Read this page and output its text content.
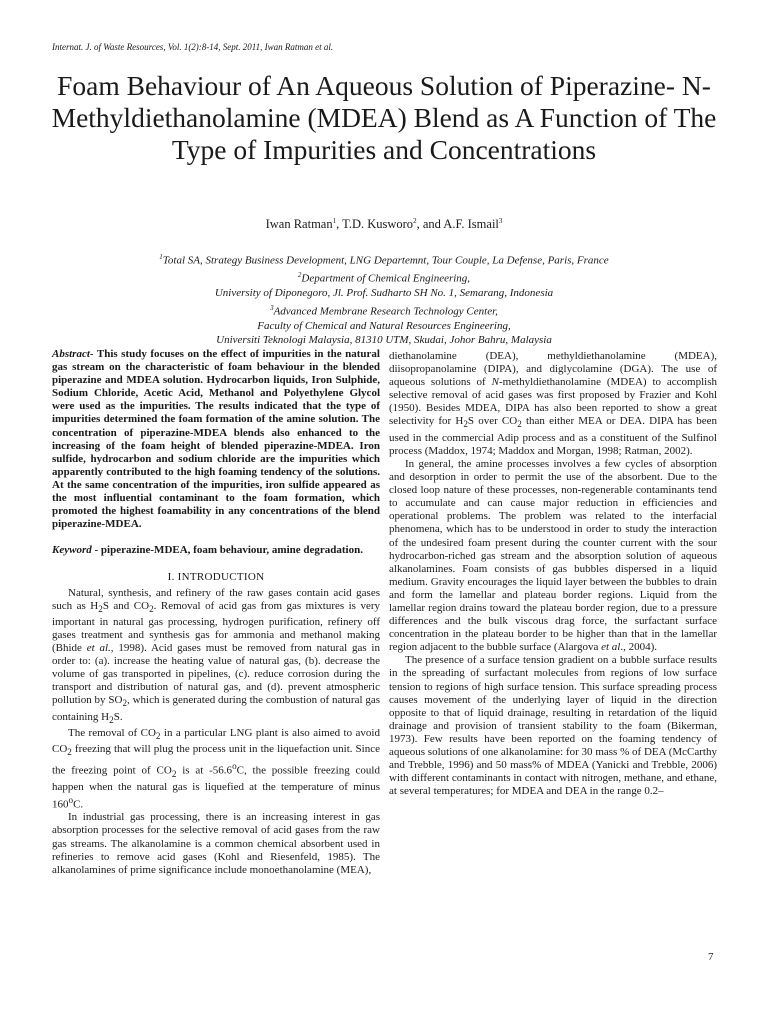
Internat. J. of Waste Resources, Vol. 1(2):8-14, Sept. 2011, Iwan Ratman et al.
Foam Behaviour of An Aqueous Solution of Piperazine- N-Methyldiethanolamine (MDEA) Blend as A Function of The Type of Impurities and Concentrations
Iwan Ratman$^1$, T.D. Kusworo$^2$, and A.F. Ismail$^3$
$^1$Total SA, Strategy Business Development, LNG Departemnt, Tour Couple, La Defense, Paris, France
$^2$Department of Chemical Engineering,
University of Diponegoro, Jl. Prof. Sudharto SH No. 1, Semarang, Indonesia
$^3$Advanced Membrane Research Technology Center,
Faculty of Chemical and Natural Resources Engineering,
Universiti Teknologi Malaysia, 81310 UTM, Skudai, Johor Bahru, Malaysia

Abstract- This study focuses on the effect of impurities in the natural gas stream on the characteristic of foam behaviour in the blended piperazine and MDEA solution. Hydrocarbon liquids, Iron Sulphide, Sodium Chloride, Acetic Acid, Methanol and Polyethylene Glycol were used as the impurities. The results indicated that the type of impurities determined the foam formation of the amine solution. The concentration of piperazine-MDEA blends also enhanced to the increasing of the foam height of blended piperazine-MDEA. Iron sulfide, hydrocarbon and sodium chloride are the impurities which apparently contributed to the high foaming tendency of the solutions. At the same concentration of the impurities, iron sulfide appeared as the most influential contaminant to the foam formation, which promoted the highest foamability in any concentrations of the blend piperazine-MDEA.

Keyword - piperazine-MDEA, foam behaviour, amine degradation.

I. INTRODUCTION

Natural, synthesis, and refinery of the raw gases contain acid gases such as $H_2S$ and $CO_2$. Removal of acid gas from gas mixtures is very important in natural gas processing, hydrogen purification, refinery off gases treatment and synthesis gas for ammonia and methanol making (Bhide et al., 1998). Acid gases must be removed from natural gas in order to: (a). increase the heating value of natural gas, (b). decrease the volume of gas transported in pipelines, (c). reduce corrosion during the transport and distribution of natural gas, and (d). prevent atmospheric pollution by $SO_2$, which is generated during the combustion of natural gas containing $H_2S$.

The removal of $CO_2$ in a particular LNG plant is also aimed to avoid $CO_2$ freezing that will plug the process unit in the liquefaction unit. Since the freezing point of $CO_2$ is at -56.6$^o$C, the possible freezing could happen when the natural gas is liquefied at the temperature of minus 160$^o$C.

In industrial gas processing, there is an increasing interest in gas absorption processes for the selective removal of acid gases from the raw gas streams. The alkanolamine is a common chemical absorbent used in refineries to remove acid gases (Kohl and Riesenfeld, 1985). The alkanolamines of prime significance include monoethanolamine (MEA),

diethanolamine (DEA), methyldiethanolamine (MDEA), diisopropanolamine (DIPA), and diglycolamine (DGA). The use of aqueous solutions of N-methyldiethanolamine (MDEA) to accomplish selective removal of acid gases was first proposed by Frazier and Kohl (1950). Besides MDEA, DIPA has also been reported to show a great selectivity for $H_2S$ over $CO_2$ than either MEA or DEA. DIPA has been used in the commercial Adip process and as a constituent of the Sulfinol process (Maddox, 1974; Maddox and Morgan, 1998; Ratman, 2002).

In general, the amine processes involves a few cycles of absorption and desorption in order to permit the use of the absorbent. Due to the closed loop nature of these processes, non-regenerable contaminants tend to accumulate and can cause major reduction in efficiencies and operational problems. The problem was related to the interfacial phenomena, which has to be understood in order to study the interaction of the undesired foam present during the counter current with the sour hydrocarbon-riched gas stream and the absorption solution of aqueous alkanolamines. Foam consists of gas bubbles dispersed in a liquid medium. Gravity encourages the liquid layer between the bubbles to drain and form the lamellar and plateau border regions. Liquid from the lamellar region drains toward the plateau border region, due to a pressure differences and the bulk viscous drag force, the surfactant surface concentration in the plateau border to be higher than that in the lamellar region adjacent to the bubble surface (Alargova et al., 2004).

The presence of a surface tension gradient on a bubble surface results in the spreading of surfactant molecules from regions of low surface tension to regions of high surface tension. This surface spreading process causes movement of the underlying layer of liquid in the direction opposite to that of liquid drainage, resulting in retardation of the liquid drainage and provision of transient stability to the foam (Bikerman, 1973). Few results have been reported on the foaming tendency of aqueous solutions of one alkanolamine: for 30 mass % of DEA (McCarthy and Trebble, 1996) and 50 mass% of MDEA (Yanicki and Trebble, 2006) with different contaminants in contact with nitrogen, methane, and ethane, at several temperatures; for MDEA and DEA in the range 0.2–

7
